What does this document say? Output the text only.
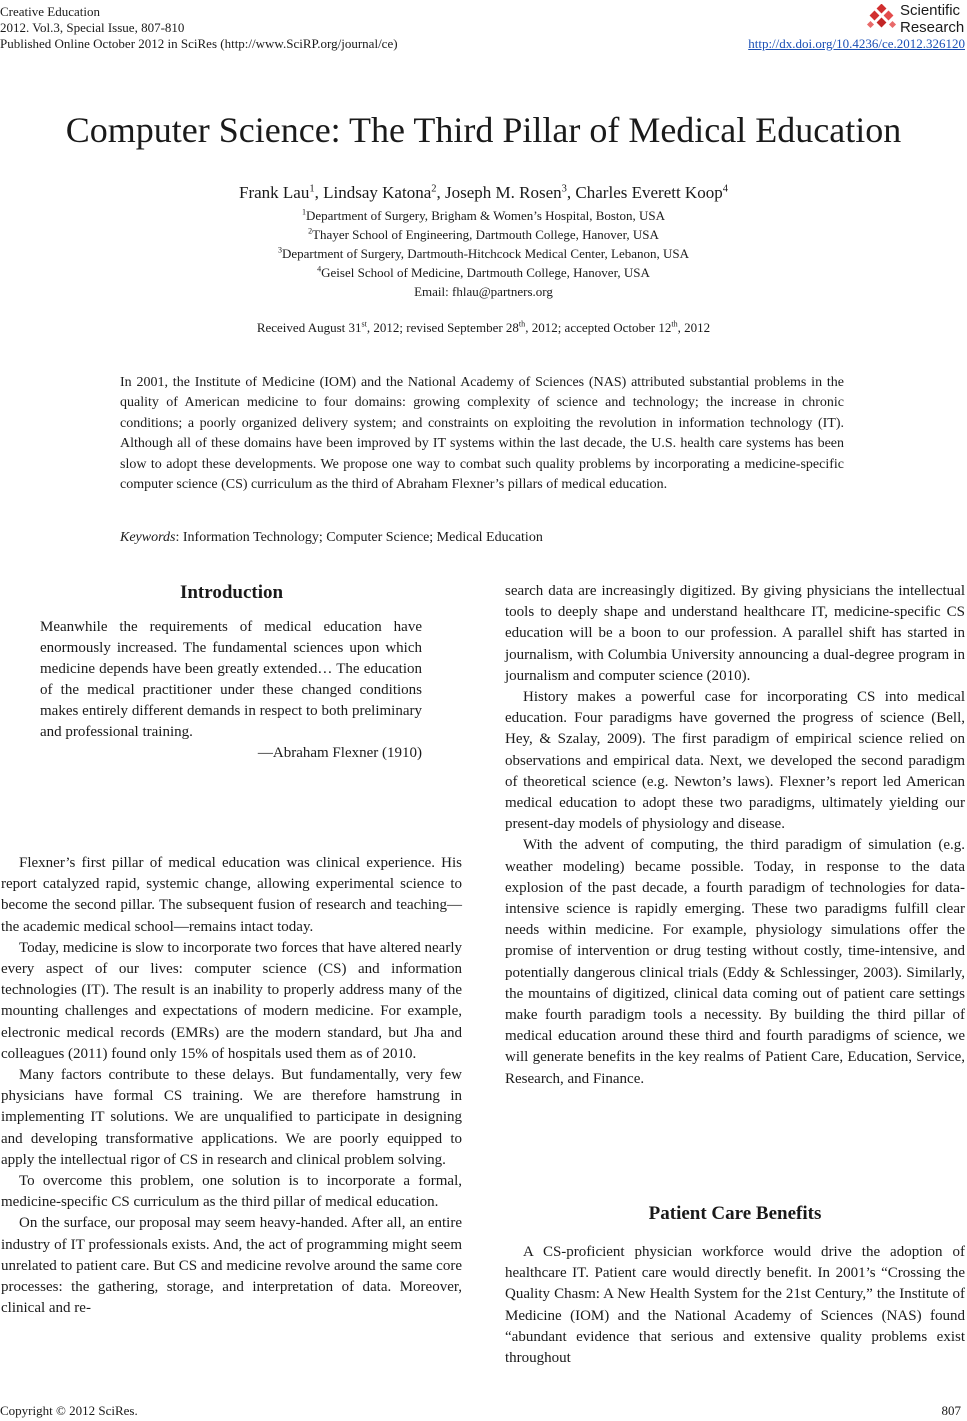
Creative Education
2012. Vol.3, Special Issue, 807-810
Published Online October 2012 in SciRes (http://www.SciRP.org/journal/ce)	http://dx.doi.org/10.4236/ce.2012.326120
Scientific
Research
Computer Science: The Third Pillar of Medical Education
Frank Lau$^1$, Lindsay Katona$^2$, Joseph M. Rosen$^3$, Charles Everett Koop$^4$
$^1$Department of Surgery, Brigham & Women’s Hospital, Boston, USA
$^2$Thayer School of Engineering, Dartmouth College, Hanover, USA
$^3$Department of Surgery, Dartmouth-Hitchcock Medical Center, Lebanon, USA
$^4$Geisel School of Medicine, Dartmouth College, Hanover, USA
Email: fhlau@partners.org
Received August 31st, 2012; revised September 28th, 2012; accepted October 12th, 2012
In 2001, the Institute of Medicine (IOM) and the National Academy of Sciences (NAS) attributed substantial problems in the quality of American medicine to four domains: growing complexity of science and technology; the increase in chronic conditions; a poorly organized delivery system; and constraints on exploiting the revolution in information technology (IT). Although all of these domains have been improved by IT systems within the last decade, the U.S. health care systems has been slow to adopt these developments. We propose one way to combat such quality problems by incorporating a medicine-specific computer science (CS) curriculum as the third of Abraham Flexner’s pillars of medical education.
Keywords: Information Technology; Computer Science; Medical Education
Introduction

Meanwhile the requirements of medical education have enormously increased. The fundamental sciences upon which medicine depends have been greatly extended… The education of the medical practitioner under these changed conditions makes entirely different demands in respect to both preliminary and professional training.

—Abraham Flexner (1910)

Flexner’s first pillar of medical education was clinical experience. His report catalyzed rapid, systemic change, allowing experimental science to become the second pillar. The subsequent fusion of research and teaching—the academic medical school—remains intact today.

Today, medicine is slow to incorporate two forces that have altered nearly every aspect of our lives: computer science (CS) and information technologies (IT). The result is an inability to properly address many of the mounting challenges and expectations of modern medicine. For example, electronic medical records (EMRs) are the modern standard, but Jha and colleagues (2011) found only 15% of hospitals used them as of 2010.

Many factors contribute to these delays. But fundamentally, very few physicians have formal CS training. We are therefore hamstrung in implementing IT solutions. We are unqualified to participate in designing and developing transformative applications. We are poorly equipped to apply the intellectual rigor of CS in research and clinical problem solving.

To overcome this problem, one solution is to incorporate a formal, medicine-specific CS curriculum as the third pillar of medical education.

On the surface, our proposal may seem heavy-handed. After all, an entire industry of IT professionals exists. And, the act of programming might seem unrelated to patient care. But CS and medicine revolve around the same core processes: the gathering, storage, and interpretation of data. Moreover, clinical and re-

search data are increasingly digitized. By giving physicians the intellectual tools to deeply shape and understand healthcare IT, medicine-specific CS education will be a boon to our profession. A parallel shift has started in journalism, with Columbia University announcing a dual-degree program in journalism and computer science (2010).

History makes a powerful case for incorporating CS into medical education. Four paradigms have governed the progress of science (Bell, Hey, & Szalay, 2009). The first paradigm of empirical science relied on observations and empirical data. Next, we developed the second paradigm of theoretical science (e.g. Newton’s laws). Flexner’s report led American medical education to adopt these two paradigms, ultimately yielding our present-day models of physiology and disease.

With the advent of computing, the third paradigm of simulation (e.g. weather modeling) became possible. Today, in response to the data explosion of the past decade, a fourth paradigm of technologies for data-intensive science is rapidly emerging. These two paradigms fulfill clear needs within medicine. For example, physiology simulations offer the promise of intervention or drug testing without costly, time-intensive, and potentially dangerous clinical trials (Eddy & Schlessinger, 2003). Similarly, the mountains of digitized, clinical data coming out of patient care settings make fourth paradigm tools a necessity. By building the third pillar of medical education around these third and fourth paradigms of science, we will generate benefits in the key realms of Patient Care, Education, Service, Research, and Finance.

Patient Care Benefits

A CS-proficient physician workforce would drive the adoption of healthcare IT. Patient care would directly benefit. In 2001’s “Crossing the Quality Chasm: A New Health System for the 21st Century,” the Institute of Medicine (IOM) and the National Academy of Sciences (NAS) found “abundant evidence that serious and extensive quality problems exist throughout

Copyright © 2012 SciRes.	807
